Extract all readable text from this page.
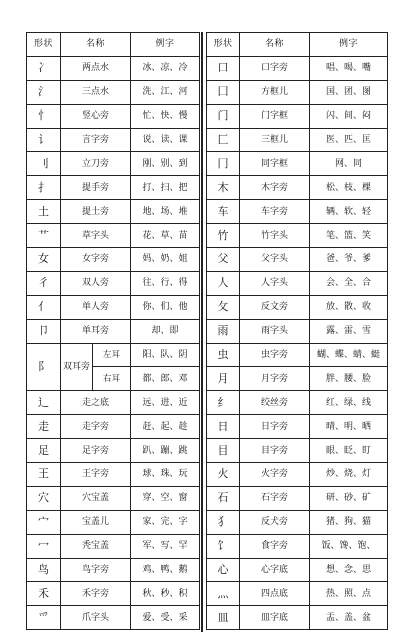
形状	名称		例字
冫	两点水		冰、凉、冷
氵	三点水		洗、江、河
忄	竖心旁		忙、快、慢
讠	言字旁		说、读、课
刂	立刀旁		刚、别、到
扌	提手旁		打、扫、把
土	提土旁		地、场、堆
艹	草字头		花、草、苗
女	女字旁		妈、奶、姐
彳	双人旁		往、行、得
亻	单人旁		你、们、他
卩	单耳旁		却、即
阝	双耳旁	左耳	阳、队、阴
		右耳	都、郎、邓
辶	走之底		远、进、近
走	走字旁		赶、起、趁
足	足字旁		趴、蹦、跳
王	王字旁		球、珠、玩
穴	穴宝盖		穿、空、窗
宀	宝盖儿		家、完、字
冖	秃宝盖		军、写、罕
鸟	鸟字旁		鸡、鸭、鹅
禾	禾字旁		秋、秒、积
爫	爪字头		爱、受、采
形状	名称	例字
口	口字旁	唱、喝、嘴
囗	方框儿	国、团、图
门	门字框	闪、间、闷
匚	三框儿	医、匹、匡
冂	同字框	网、同
木	木字旁	松、枝、棵
车	车字旁	辆、软、轻
竹	竹字头	笔、篮、笑
父	父字头	爸、爷、爹
人	人字头	会、全、合
攵	反文旁	放、散、收
雨	雨字头	露、雷、雪
虫	虫字旁	蝴、蝶、蜻、蜓
月	月字旁	胖、腰、脸
纟	绞丝旁	红、绿、线
日	日字旁	晴、明、晒
目	目字旁	眼、眨、盯
火	火字旁	炒、烧、灯
石	石字旁	研、砂、矿
犭	反犬旁	猪、狗、猫
饣	食字旁	饭、馋、饱、
心	心字底	想、念、思
灬	四点底	热、照、点
皿	皿字底	盂、盖、盆
